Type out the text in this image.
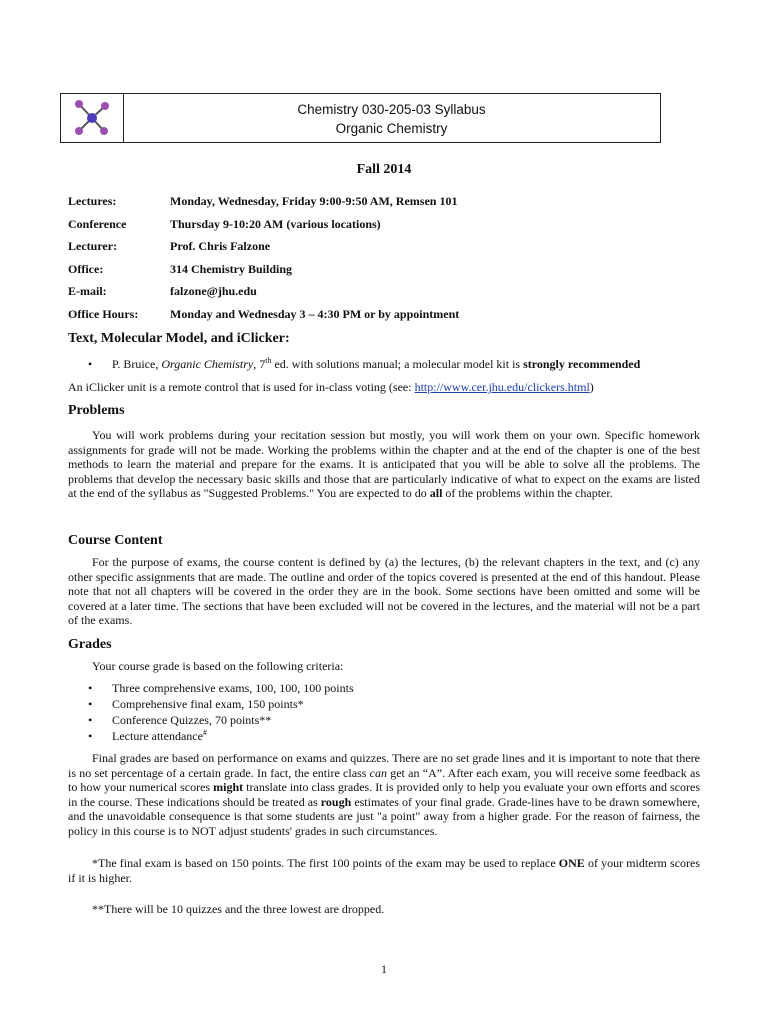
Chemistry 030-205-03 Syllabus
Organic Chemistry
Fall 2014
Lectures:	Monday, Wednesday, Friday 9:00-9:50 AM, Remsen 101
Conference	Thursday 9-10:20 AM (various locations)
Lecturer:	Prof. Chris Falzone
Office:	314 Chemistry Building
E-mail:	falzone@jhu.edu
Office Hours:	Monday and Wednesday 3 – 4:30 PM or by appointment
Text, Molecular Model, and iClicker:
• P. Bruice, Organic Chemistry, 7th ed. with solutions manual; a molecular model kit is strongly recommended
An iClicker unit is a remote control that is used for in-class voting (see: http://www.cer.jhu.edu/clickers.html)
Problems
You will work problems during your recitation session but mostly, you will work them on your own. Specific homework assignments for grade will not be made. Working the problems within the chapter and at the end of the chapter is one of the best methods to learn the material and prepare for the exams. It is anticipated that you will be able to solve all the problems. The problems that develop the necessary basic skills and those that are particularly indicative of what to expect on the exams are listed at the end of the syllabus as "Suggested Problems." You are expected to do all of the problems within the chapter.
Course Content
For the purpose of exams, the course content is defined by (a) the lectures, (b) the relevant chapters in the text, and (c) any other specific assignments that are made. The outline and order of the topics covered is presented at the end of this handout. Please note that not all chapters will be covered in the order they are in the book. Some sections have been omitted and some will be covered at a later time. The sections that have been excluded will not be covered in the lectures, and the material will not be a part of the exams.
Grades
Your course grade is based on the following criteria:
• Three comprehensive exams, 100, 100, 100 points
• Comprehensive final exam, 150 points*
• Conference Quizzes, 70 points**
• Lecture attendance#
Final grades are based on performance on exams and quizzes. There are no set grade lines and it is important to note that there is no set percentage of a certain grade. In fact, the entire class can get an “A”. After each exam, you will receive some feedback as to how your numerical scores might translate into class grades. It is provided only to help you evaluate your own efforts and scores in the course. These indications should be treated as rough estimates of your final grade. Grade-lines have to be drawn somewhere, and the unavoidable consequence is that some students are just "a point" away from a higher grade. For the reason of fairness, the policy in this course is to NOT adjust students' grades in such circumstances.
*The final exam is based on 150 points. The first 100 points of the exam may be used to replace ONE of your midterm scores if it is higher.
**There will be 10 quizzes and the three lowest are dropped.
1
